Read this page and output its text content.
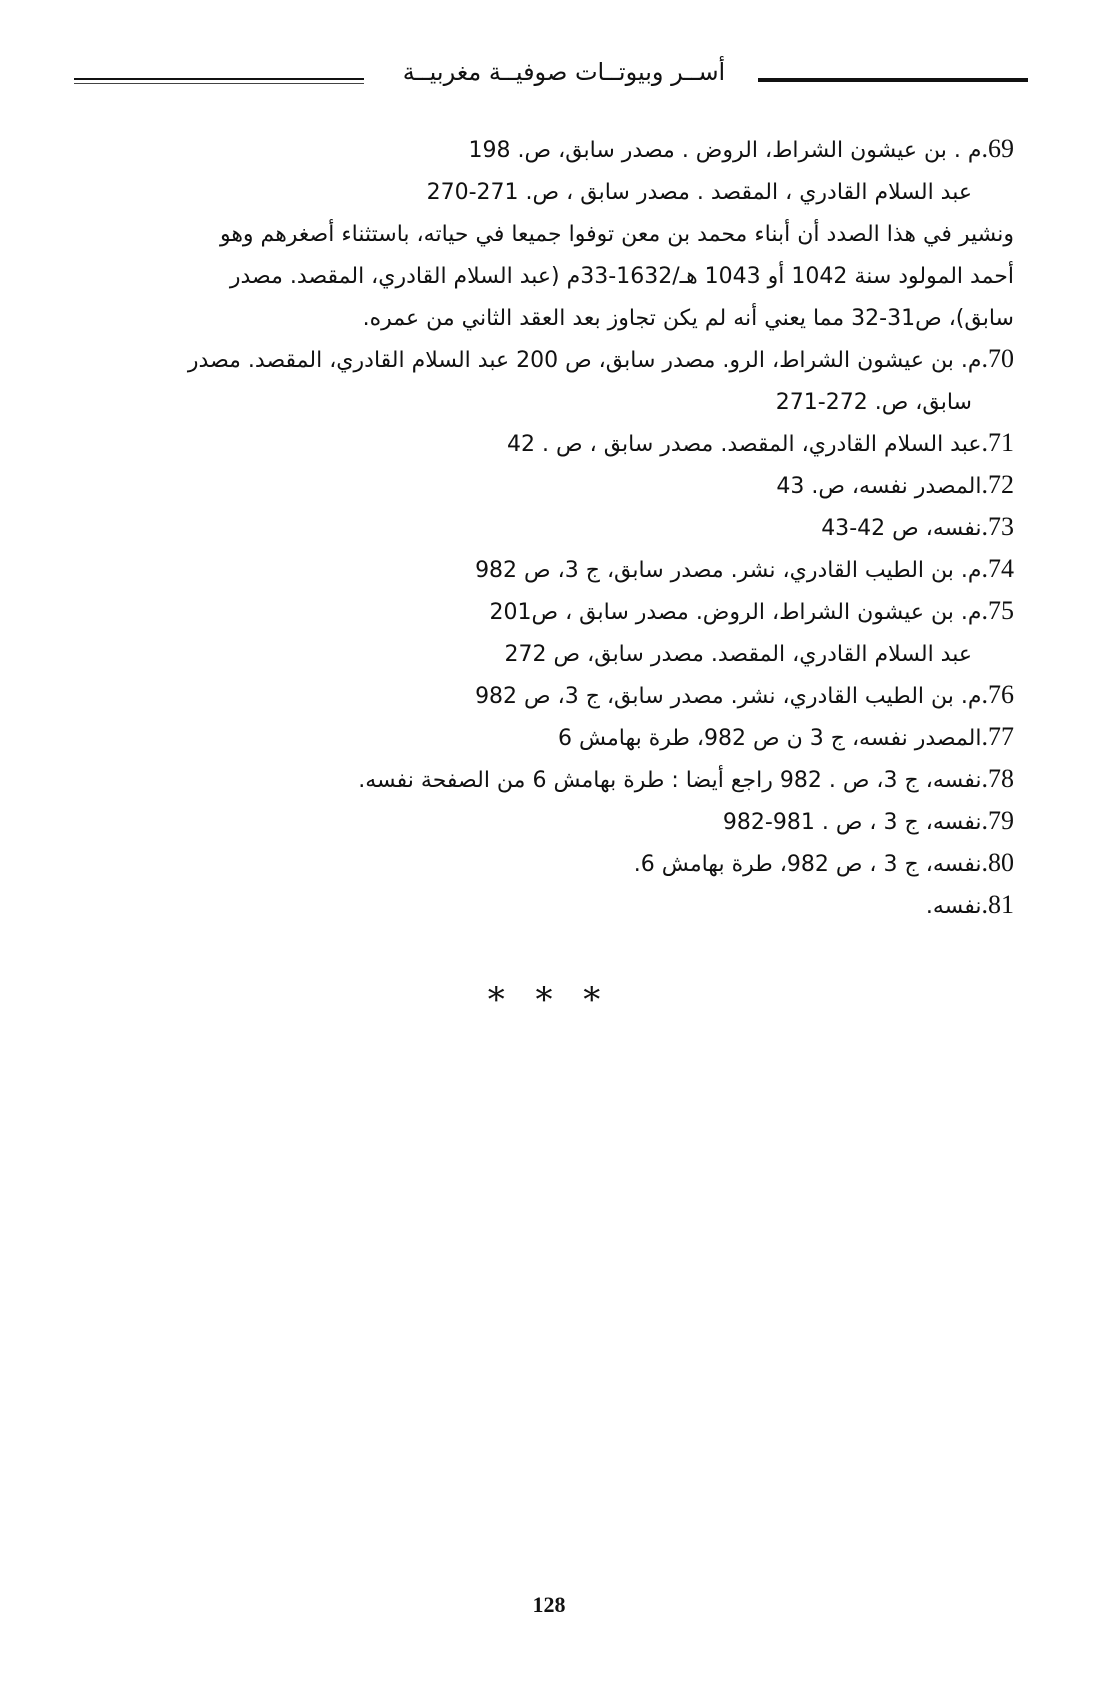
أســر وبيوتــات صوفيــة مغربيــة
69.م . بن عيشون الشراط، الروض . مصدر سابق، ص. 198
عبد السلام القادري ، المقصد . مصدر سابق ، ص. 271-270
ونشير في هذا الصدد أن أبناء محمد بن معن توفوا جميعا في حياته، باستثناء أصغرهم وهو
أحمد المولود سنة 1042 أو 1043 هـ/1632-33م (عبد السلام القادري، المقصد. مصدر
سابق)، ص31-32 مما يعني أنه لم يكن تجاوز بعد العقد الثاني من عمره.
70.م. بن عيشون الشراط، الرو. مصدر سابق، ص 200 عبد السلام القادري، المقصد. مصدر
سابق، ص. 272-271
71.عبد السلام القادري، المقصد. مصدر سابق ، ص . 42
72.المصدر نفسه، ص. 43
73.نفسه، ص 42-43
74.م. بن الطيب القادري، نشر. مصدر سابق، ج 3، ص 982
75.م. بن عيشون الشراط، الروض. مصدر سابق ، ص201
عبد السلام القادري، المقصد. مصدر سابق، ص 272
76.م. بن الطيب القادري، نشر. مصدر سابق، ج 3، ص 982
77.المصدر نفسه، ج 3 ن ص 982، طرة بهامش 6
78.نفسه، ج 3، ص . 982 راجع أيضا : طرة بهامش 6 من الصفحة نفسه.
79.نفسه، ج 3 ، ص . 981-982
80.نفسه، ج 3 ، ص 982، طرة بهامش 6.
81.نفسه.
* * *
128
